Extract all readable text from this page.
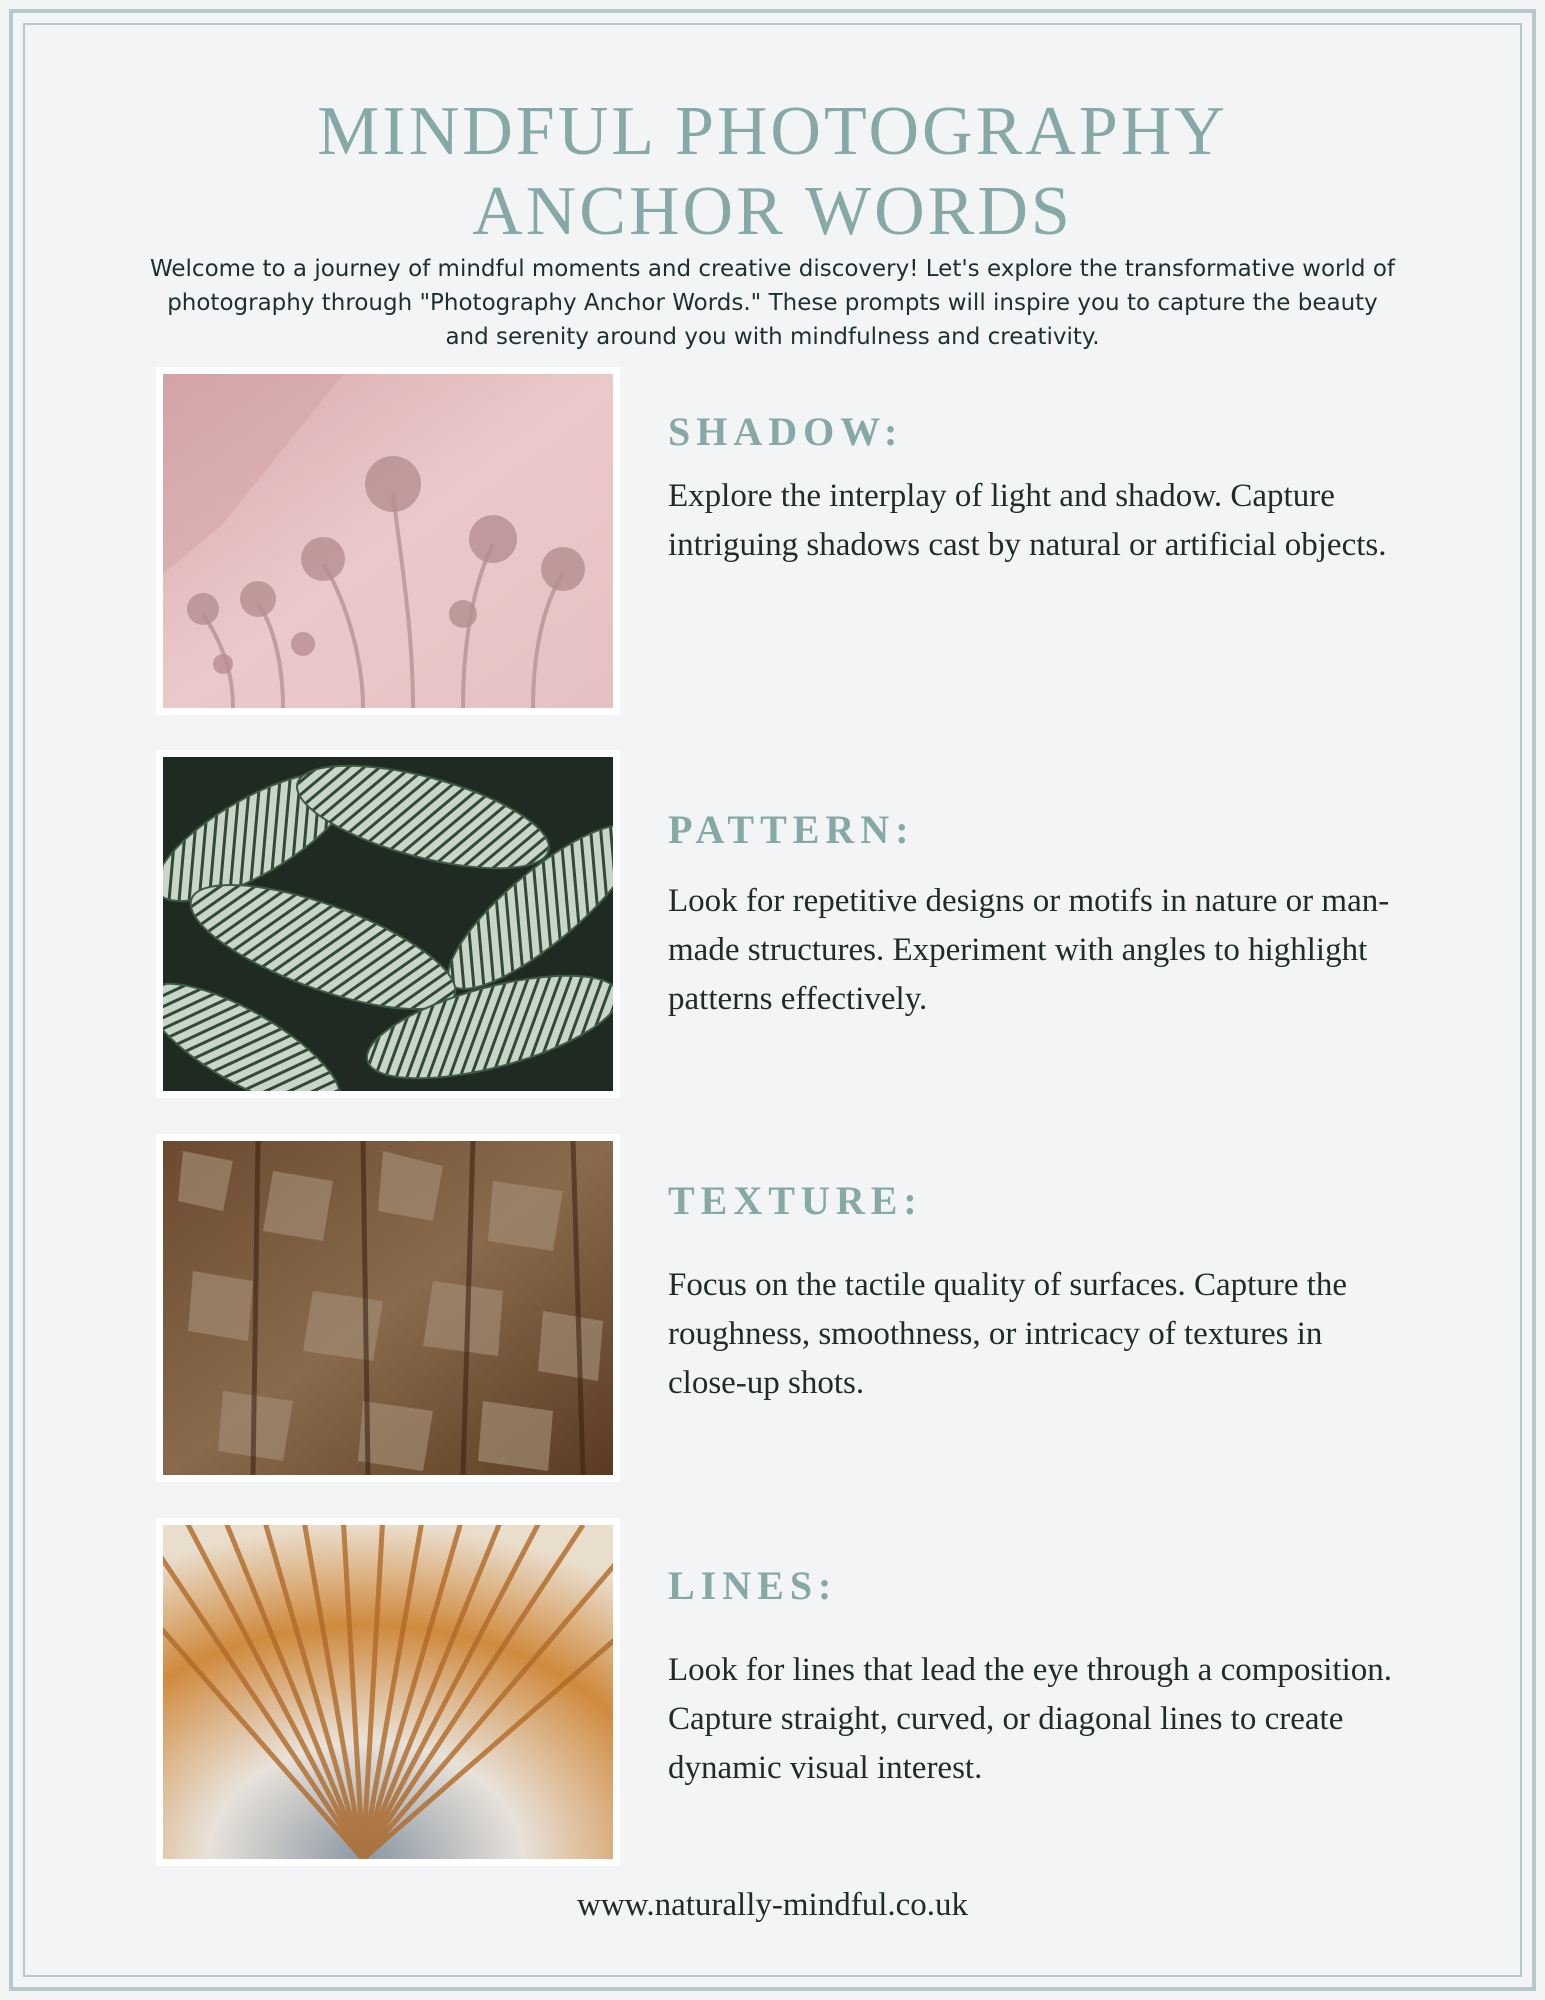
MINDFUL PHOTOGRAPHY
ANCHOR WORDS

Welcome to a journey of mindful moments and creative discovery! Let's explore the transformative world of photography through "Photography Anchor Words." These prompts will inspire you to capture the beauty and serenity around you with mindfulness and creativity.

SHADOW:

Explore the interplay of light and shadow. Capture intriguing shadows cast by natural or artificial objects.

PATTERN:

Look for repetitive designs or motifs in nature or man-made structures. Experiment with angles to highlight patterns effectively.

TEXTURE:

Focus on the tactile quality of surfaces. Capture the roughness, smoothness, or intricacy of textures in close-up shots.

LINES:

Look for lines that lead the eye through a composition. Capture straight, curved, or diagonal lines to create dynamic visual interest.

www.naturally-mindful.co.uk
